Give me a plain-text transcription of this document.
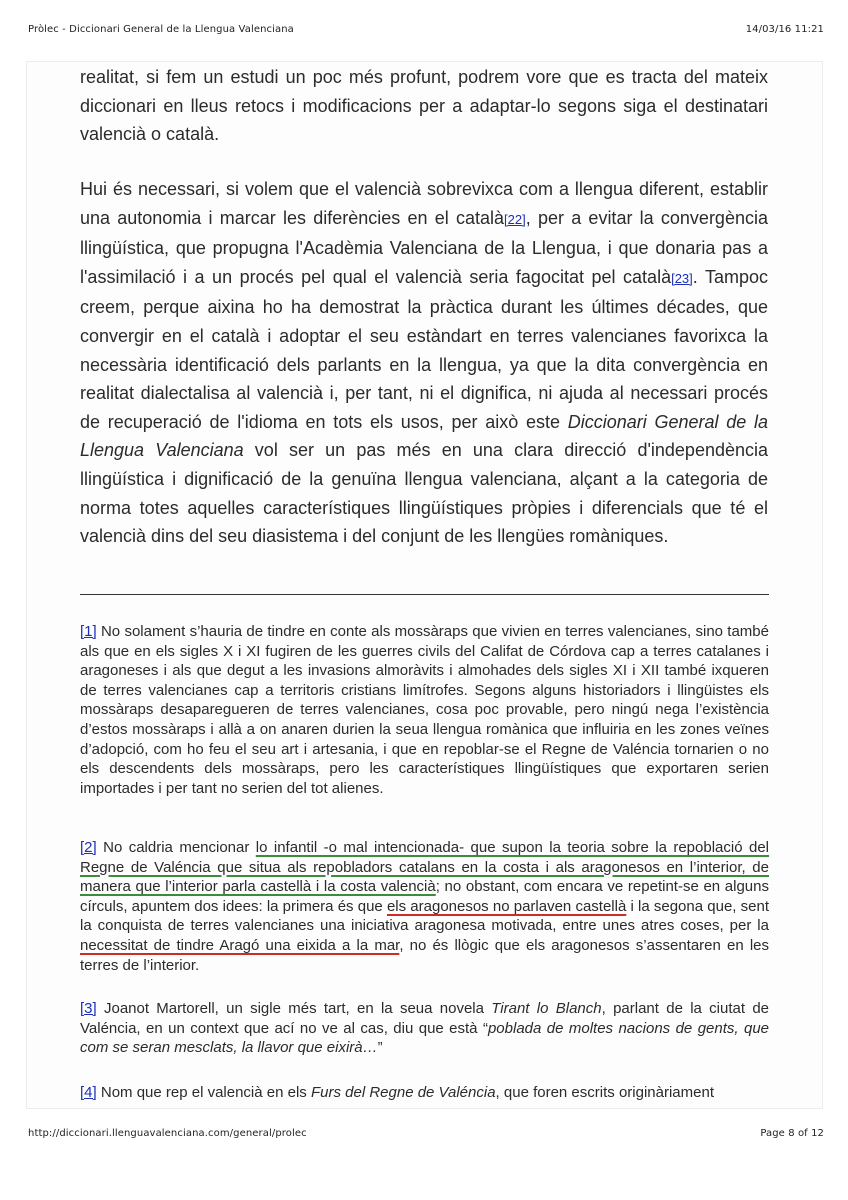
Pròlec - Diccionari General de la Llengua Valenciana	14/03/16 11:21

realitat, si fem un estudi un poc més profunt, podrem vore que es tracta del mateix diccionari en lleus retocs i modificacions per a adaptar-lo segons siga el destinatari valencià o català.

Hui és necessari, si volem que el valencià sobrevixca com a llengua diferent, establir una autonomia i marcar les diferències en el català[22], per a evitar la convergència llingüística, que propugna l'Acadèmia Valenciana de la Llengua, i que donaria pas a l'assimilació i a un procés pel qual el valencià seria fagocitat pel català[23]. Tampoc creem, perque aixina ho ha demostrat la pràctica durant les últimes décades, que convergir en el català i adoptar el seu estàndart en terres valencianes favorixca la necessària identificació dels parlants en la llengua, ya que la dita convergència en realitat dialectalisa al valencià i, per tant, ni el dignifica, ni ajuda al necessari procés de recuperació de l'idioma en tots els usos, per això este Diccionari General de la Llengua Valenciana vol ser un pas més en una clara direcció d'independència llingüística i dignificació de la genuïna llengua valenciana, alçant a la categoria de norma totes aquelles característiques llingüístiques pròpies i diferencials que té el valencià dins del seu diasistema i del conjunt de les llengües romàniques.

[1] No solament s’hauria de tindre en conte als mossàraps que vivien en terres valencianes, sino també als que en els sigles X i XI fugiren de les guerres civils del Califat de Córdova cap a terres catalanes i aragoneses i als que degut a les invasions almoràvits i almohades dels sigles XI i XII també ixqueren de terres valencianes cap a territoris cristians limítrofes. Segons alguns historiadors i llingüistes els mossàraps desaparegueren de terres valencianes, cosa poc provable, pero ningú nega l’existència d’estos mossàraps i allà a on anaren durien la seua llengua romànica que influiria en les zones veïnes d’adopció, com ho feu el seu art i artesania, i que en repoblar-se el Regne de Valéncia tornarien o no els descendents dels mossàraps, pero les característiques llingüístiques que exportaren serien importades i per tant no serien del tot alienes.

[2] No caldria mencionar lo infantil -o mal intencionada- que supon la teoria sobre la repoblació del Regne de Valéncia que situa als repobladors catalans en la costa i als aragonesos en l’interior, de manera que l’interior parla castellà i la costa valencià; no obstant, com encara ve repetint-se en alguns círculs, apuntem dos idees: la primera és que els aragonesos no parlaven castellà i la segona que, sent la conquista de terres valencianes una iniciativa aragonesa motivada, entre unes atres coses, per la necessitat de tindre Aragó una eixida a la mar, no és llògic que els aragonesos s’assentaren en les terres de l’interior.

[3] Joanot Martorell, un sigle més tart, en la seua novela Tirant lo Blanch, parlant de la ciutat de Valéncia, en un context que ací no ve al cas, diu que està “poblada de moltes nacions de gents, que com se seran mesclats, la llavor que eixirà…”

[4] Nom que rep el valencià en els Furs del Regne de Valéncia, que foren escrits originàriament

http://diccionari.llenguavalenciana.com/general/prolec	Page 8 of 12
